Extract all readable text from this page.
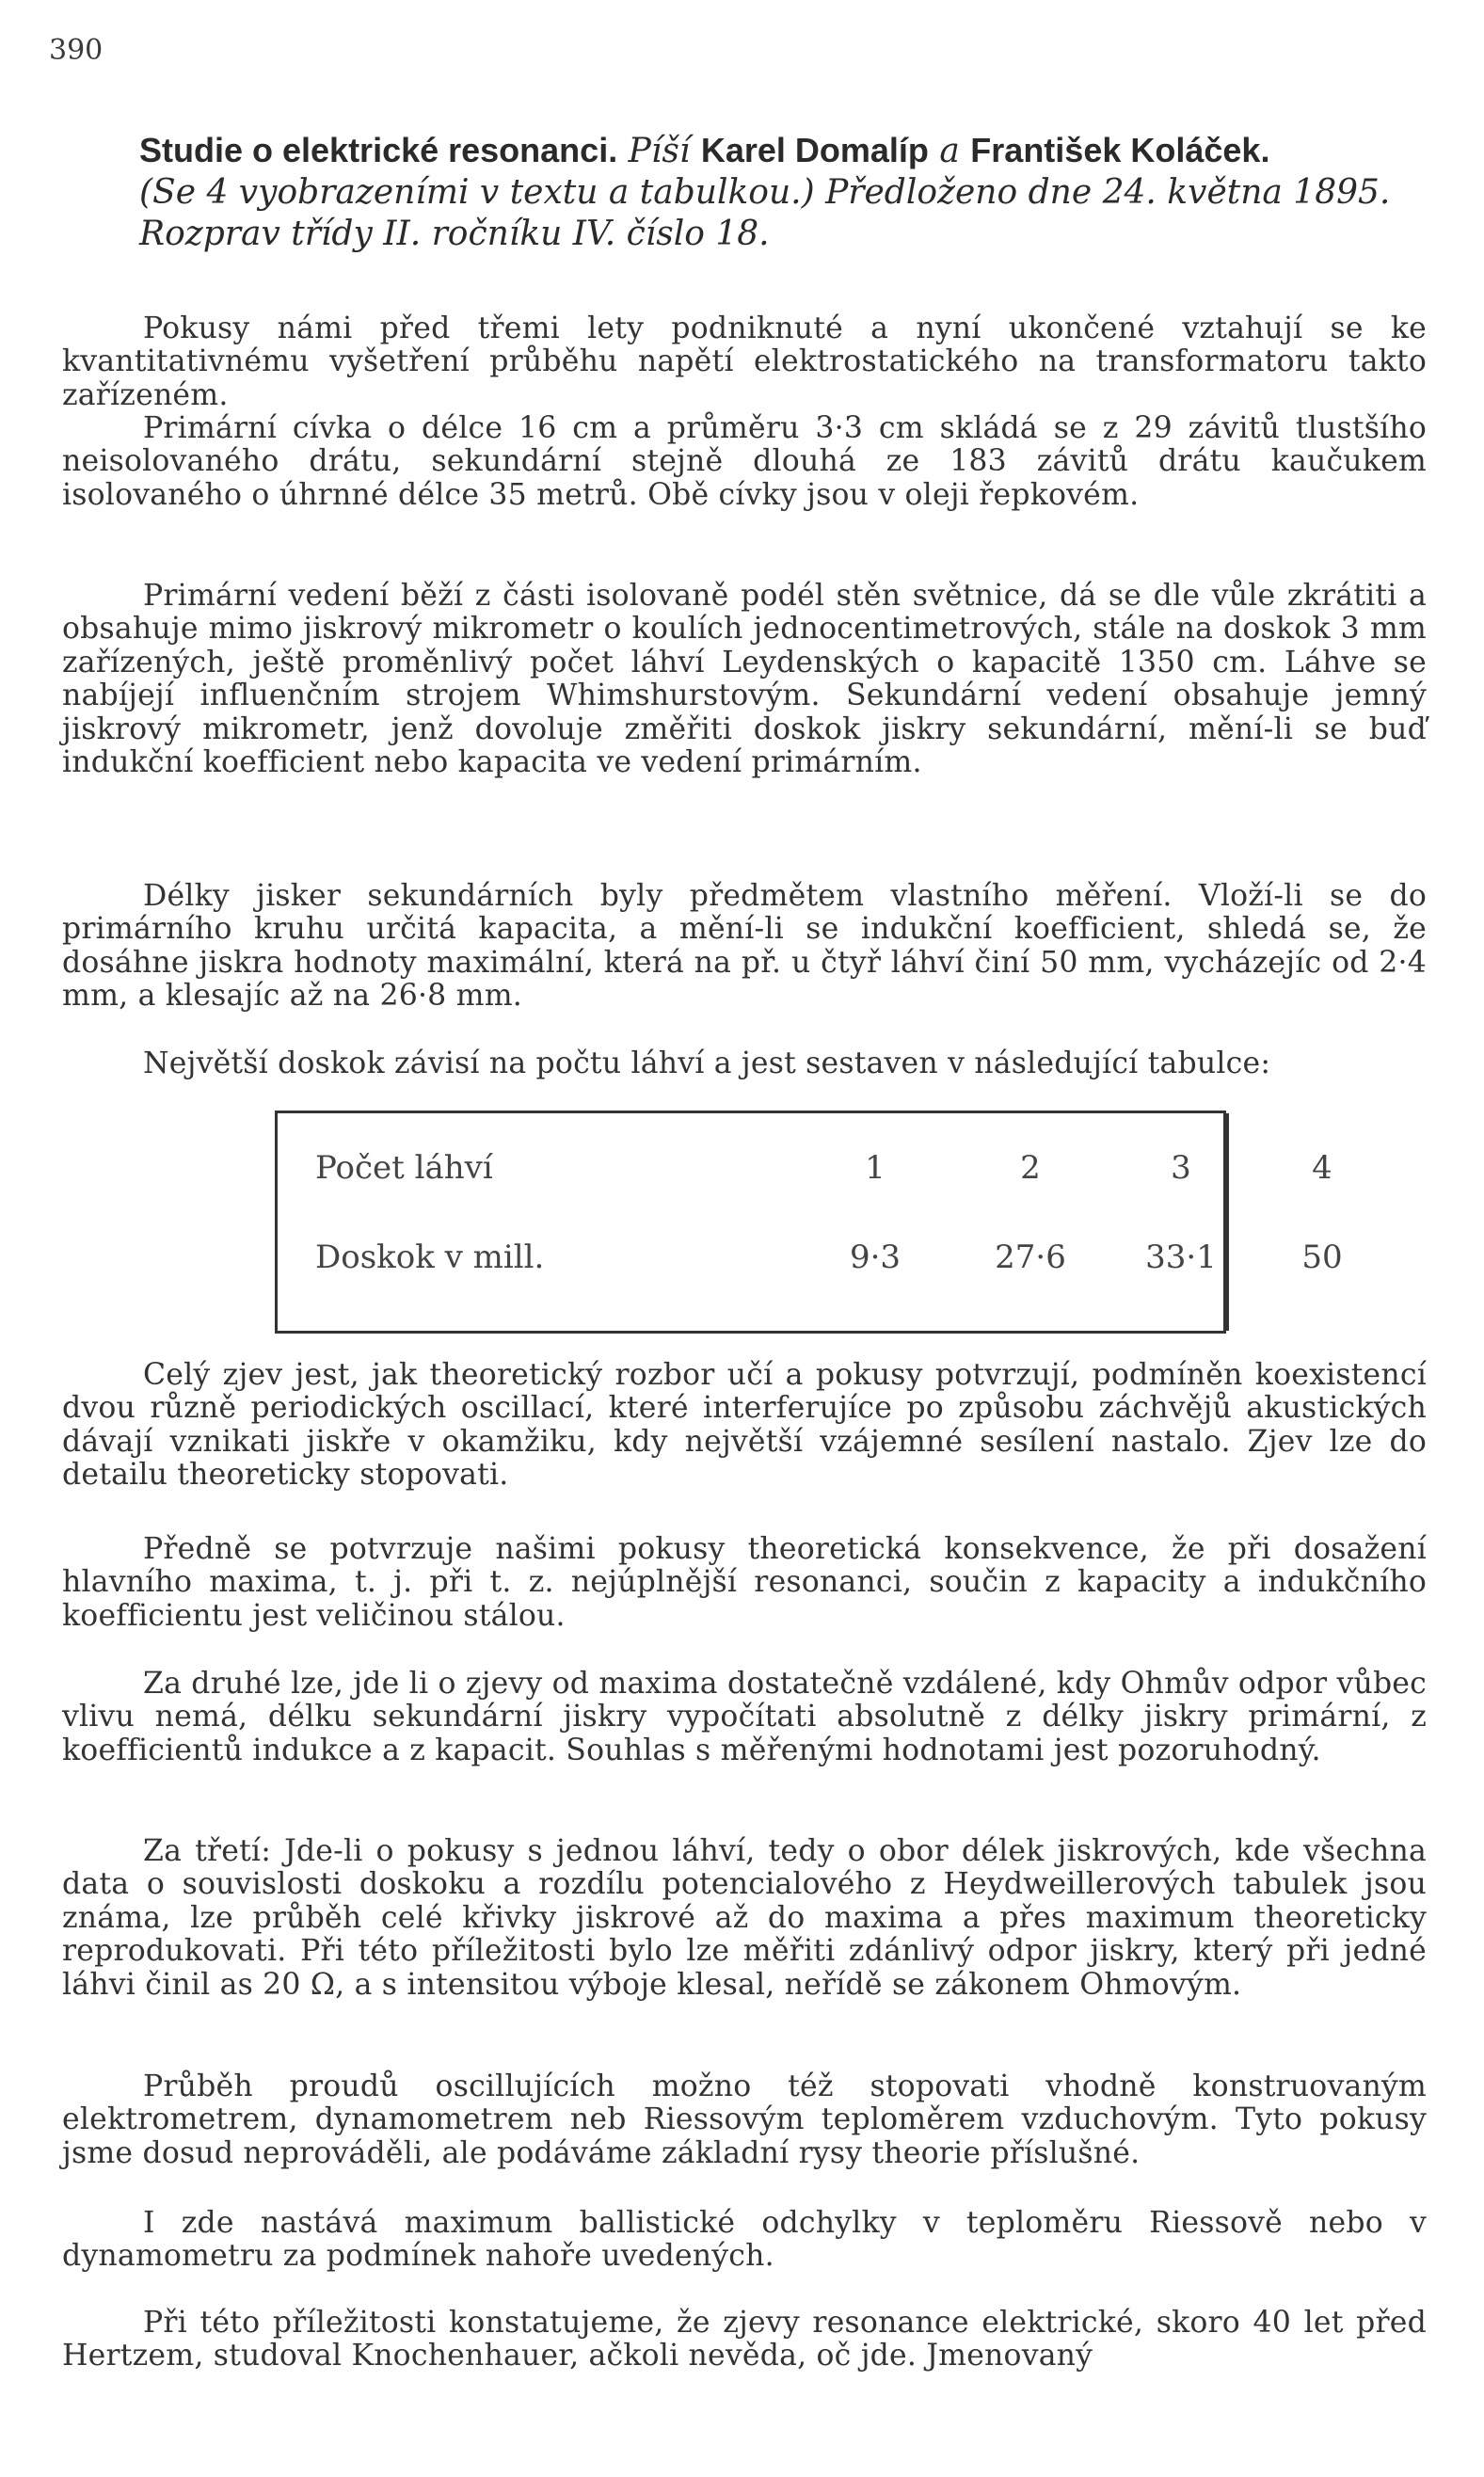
390
Studie o elektrické resonanci. Píší Karel Domalíp a František Koláček.
(Se 4 vyobrazeními v textu a tabulkou.) Předloženo dne 24. května 1895.
Rozprav třídy II. ročníku IV. číslo 18.

Pokusy námi před třemi lety podniknuté a nyní ukončené vztahují se ke kvantitativnému vyšetření průběhu napětí elektrostatického na transformatoru takto zařízeném.

Primární cívka o délce 16 cm a průměru 3·3 cm skládá se z 29 závitů tlustšího neisolovaného drátu, sekundární stejně dlouhá ze 183 závitů drátu kaučukem isolovaného o úhrnné délce 35 metrů. Obě cívky jsou v oleji řepkovém.

Primární vedení běží z části isolovaně podél stěn světnice, dá se dle vůle zkrátiti a obsahuje mimo jiskrový mikrometr o koulích jednocentimetrových, stále na doskok 3 mm zařízených, ještě proměnlivý počet láhví Leydenských o kapacitě 1350 cm. Láhve se nabíjejí influenčním strojem Whimshurstovým. Sekundární vedení obsahuje jemný jiskrový mikrometr, jenž dovoluje změřiti doskok jiskry sekundární, mění-li se buď indukční koefficient nebo kapacita ve vedení primárním.

Délky jisker sekundárních byly předmětem vlastního měření. Vloží-li se do primárního kruhu určitá kapacita, a mění-li se indukční koefficient, shledá se, že dosáhne jiskra hodnoty maximální, která na př. u čtyř láhví činí 50 mm, vycházejíc od 2·4 mm, a klesajíc až na 26·8 mm.

Největší doskok závisí na počtu láhví a jest sestaven v následující tabulce:

Počet láhví	1	2	3	4
Doskok v mill.	9·3	27·6	33·1	50

Celý zjev jest, jak theoretický rozbor učí a pokusy potvrzují, podmíněn koexistencí dvou různě periodických oscillací, které interferujíce po způsobu záchvějů akustických dávají vznikati jiskře v okamžiku, kdy největší vzájemné sesílení nastalo. Zjev lze do detailu theoreticky stopovati.

Předně se potvrzuje našimi pokusy theoretická konsekvence, že při dosažení hlavního maxima, t. j. při t. z. nejúplnější resonanci, součin z kapacity a indukčního koefficientu jest veličinou stálou.

Za druhé lze, jde li o zjevy od maxima dostatečně vzdálené, kdy Ohmův odpor vůbec vlivu nemá, délku sekundární jiskry vypočítati absolutně z délky jiskry primární, z koefficientů indukce a z kapacit. Souhlas s měřenými hodnotami jest pozoruhodný.

Za třetí: Jde-li o pokusy s jednou láhví, tedy o obor délek jiskrových, kde všechna data o souvislosti doskoku a rozdílu potencialového z Heydweillerových tabulek jsou známa, lze průběh celé křivky jiskrové až do maxima a přes maximum theoreticky reprodukovati. Při této příležitosti bylo lze měřiti zdánlivý odpor jiskry, který při jedné láhvi činil as 20 Ω, a s intensitou výboje klesal, neřídě se zákonem Ohmovým.

Průběh proudů oscillujících možno též stopovati vhodně konstruovaným elektrometrem, dynamometrem neb Riessovým teploměrem vzduchovým. Tyto pokusy jsme dosud neprováděli, ale podáváme základní rysy theorie příslušné.

I zde nastává maximum ballistické odchylky v teploměru Riessově nebo v dynamometru za podmínek nahoře uvedených.

Při této příležitosti konstatujeme, že zjevy resonance elektrické, skoro 40 let před Hertzem, studoval Knochenhauer, ačkoli nevěda, oč jde. Jmenovaný
